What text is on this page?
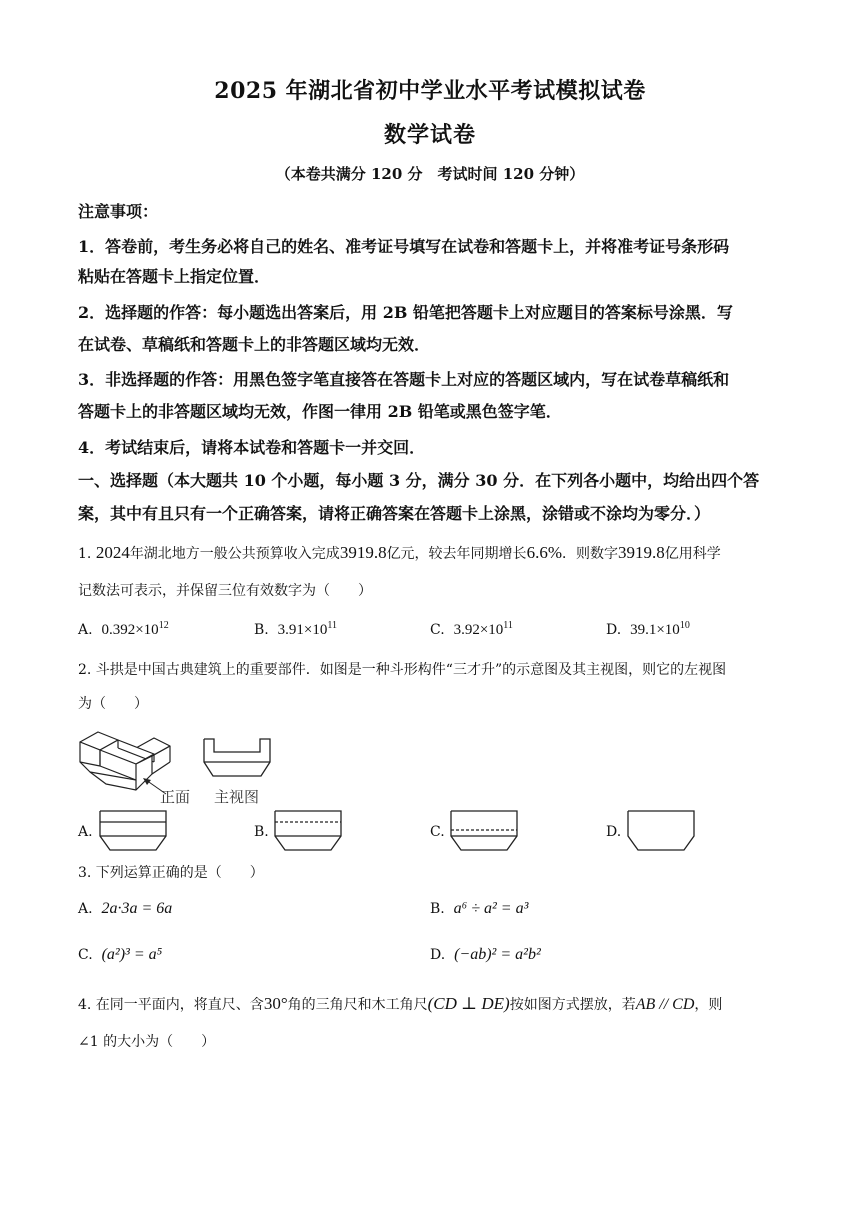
2025 年湖北省初中学业水平考试模拟试卷
数学试卷
（本卷共满分 120 分　考试时间 120 分钟）
注意事项：
1．答卷前，考生务必将自己的姓名、准考证号填写在试卷和答题卡上，并将准考证号条形码
粘贴在答题卡上指定位置．
2．选择题的作答：每小题选出答案后，用 2B 铅笔把答题卡上对应题目的答案标号涂黑．写
在试卷、草稿纸和答题卡上的非答题区域均无效．
3．非选择题的作答：用黑色签字笔直接答在答题卡上对应的答题区域内，写在试卷草稿纸和
答题卡上的非答题区域均无效，作图一律用 2B 铅笔或黑色签字笔．
4．考试结束后，请将本试卷和答题卡一并交回．
一、选择题（本大题共 10 个小题，每小题 3 分，满分 30 分．在下列各小题中，均给出四个答
案，其中有且只有一个正确答案，请将正确答案在答题卡上涂黑，涂错或不涂均为零分．）
1. 2024年湖北地方一般公共预算收入完成3919.8亿元，较去年同期增长6.6%．则数字3919.8亿用科学
记数法可表示，并保留三位有效数字为（　　）
A. $0.392\times 10^{12}$	B. $3.91\times 10^{11}$	C. $3.92\times 10^{11}$	D. $39.1\times 10^{10}$
2. 斗拱是中国古典建筑上的重要部件．如图是一种斗形构件“三才升”的示意图及其主视图，则它的左视图
为（　　）
正面 主视图
A.	B.	C.	D.
3. 下列运算正确的是（　　）
A. 2a·3a = 6a	B. a⁶ ÷ a² = a³
C. (a²)³ = a⁵	D. (−ab)² = a²b²
4. 在同一平面内，将直尺、含30°角的三角尺和木工角尺(CD ⊥ DE)按如图方式摆放，若AB // CD，则
∠1 的大小为（　　）
